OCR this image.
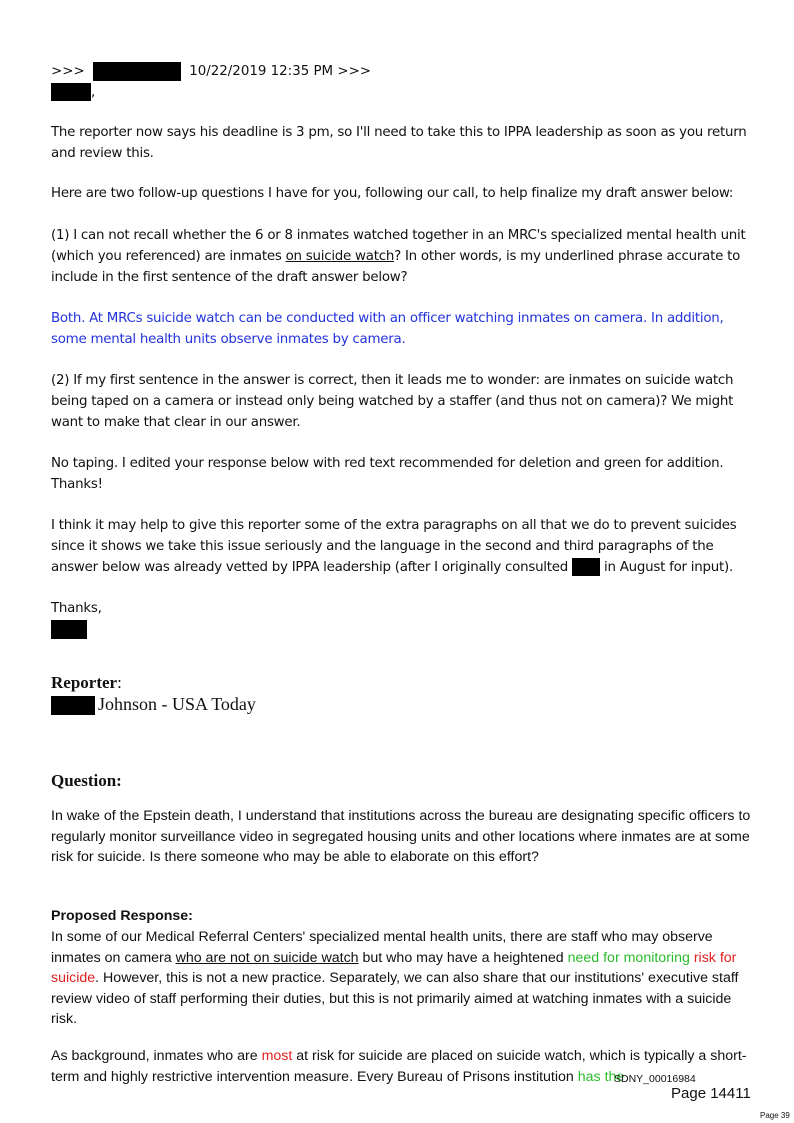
>>>	10/22/2019 12:35 PM >>>
,
The reporter now says his deadline is 3 pm, so I'll need to take this to IPPA leadership as soon as you return and review this.
Here are two follow-up questions I have for you, following our call, to help finalize my draft answer below:
(1) I can not recall whether the 6 or 8 inmates watched together in an MRC's specialized mental health unit (which you referenced) are inmates on suicide watch? In other words, is my underlined phrase accurate to include in the first sentence of the draft answer below?
Both. At MRCs suicide watch can be conducted with an officer watching inmates on camera. In addition, some mental health units observe inmates by camera.
(2) If my first sentence in the answer is correct, then it leads me to wonder: are inmates on suicide watch being taped on a camera or instead only being watched by a staffer (and thus not on camera)? We might want to make that clear in our answer.
No taping. I edited your response below with red text recommended for deletion and green for addition. Thanks!
I think it may help to give this reporter some of the extra paragraphs on all that we do to prevent suicides since it shows we take this issue seriously and the language in the second and third paragraphs of the answer below was already vetted by IPPA leadership (after I originally consulted  in August for input).
Thanks,

Reporter:
Johnson - USA Today
Question:
In wake of the Epstein death, I understand that institutions across the bureau are designating specific officers to regularly monitor surveillance video in segregated housing units and other locations where inmates are at some risk for suicide. Is there someone who may be able to elaborate on this effort?
Proposed Response:
In some of our Medical Referral Centers' specialized mental health units, there are staff who may observe inmates on camera who are not on suicide watch but who may have a heightened need for monitoring risk for suicide. However, this is not a new practice. Separately, we can also share that our institutions' executive staff review video of staff performing their duties, but this is not primarily aimed at watching inmates with a suicide risk.
As background, inmates who are most at risk for suicide are placed on suicide watch, which is typically a short-term and highly restrictive intervention measure. Every Bureau of Prisons institution has the
SDNY_00016984
Page 14411
Page 39
